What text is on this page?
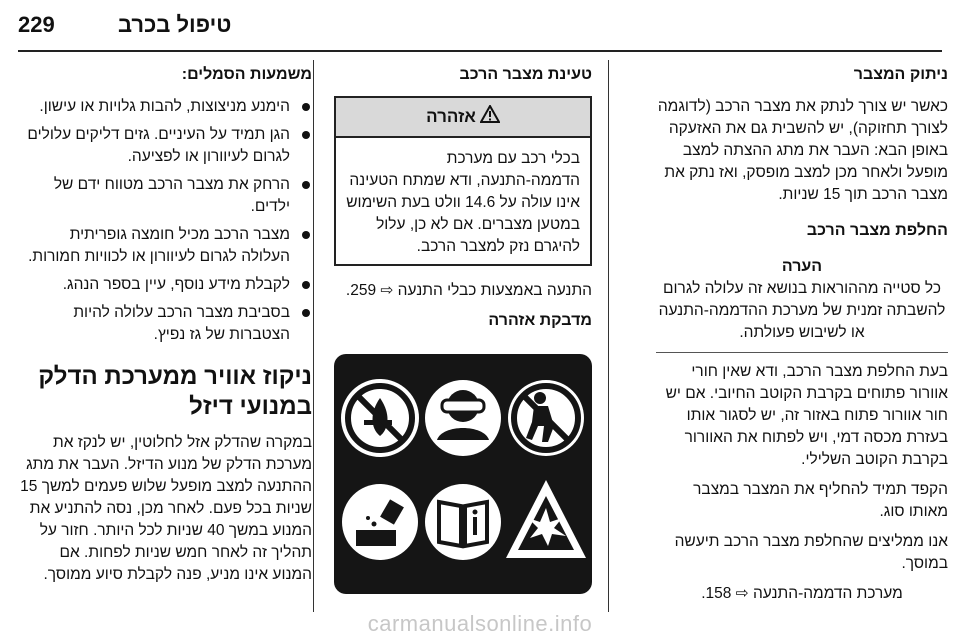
229	טיפול בכרב
ניתוק המצבר

כאשר יש צורך לנתק את מצבר הרכב (לדוגמה לצורך תחזוקה), יש להשבית גם את האזעקה באופן הבא: העבר את מתג ההצתה למצב מופעל ולאחר מכן למצב מופסק, ואז נתק את מצבר הרכב תוך 15 שניות.

החלפת מצבר הרכב
הערה
כל סטייה מההוראות בנושא זה עלולה לגרום להשבתה זמנית של מערכת ההדממה-התנעה או לשיבוש פעולתה.

בעת החלפת מצבר הרכב, ודא שאין חורי אוורור פתוחים בקרבת הקוטב החיובי. אם יש חור אוורור פתוח באזור זה, יש לסגור אותו בעזרת מכסה דמי, ויש לפתוח את האוורור בקרבת הקוטב השלילי.

הקפד תמיד להחליף את המצבר במצבר מאותו סוג.

אנו ממליצים שהחלפת מצבר הרכב תיעשה במוסך.

מערכת הדממה-התנעה ⇨ 158.

טעינת מצבר הרכב
אזהרה
בכלי רכב עם מערכת הדממה-התנעה, ודא שמתח הטעינה אינו עולה על 14.6 וולט בעת השימוש במטען מצברים. אם לא כן, עלול להיגרם נזק למצבר הרכב.

התנעה באמצעות כבלי התנעה ⇨ 259.

מדבקת אזהרה
משמעות הסמלים:
הימנע מניצוצות, להבות גלויות או עישון.
הגן תמיד על העיניים. גזים דליקים עלולים לגרום לעיוורון או לפציעה.
הרחק את מצבר הרכב מטווח ידם של ילדים.
מצבר הרכב מכיל חומצה גופריתית העלולה לגרום לעיוורון או לכוויות חמורות.
לקבלת מידע נוסף, עיין בספר הנהג.
בסביבת מצבר הרכב עלולה להיות הצטברות של גז נפיץ.
ניקוז אוויר ממערכת הדלק במנועי דיזל

במקרה שהדלק אזל לחלוטין, יש לנקז את מערכת הדלק של מנוע הדיזל. העבר את מתג ההתנעה למצב מופעל שלוש פעמים למשך 15 שניות בכל פעם. לאחר מכן, נסה להתניע את המנוע במשך 40 שניות לכל היותר. חזור על תהליך זה לאחר חמש שניות לפחות. אם המנוע אינו מניע, פנה לקבלת סיוע ממוסך.

carmanualsonline.info
